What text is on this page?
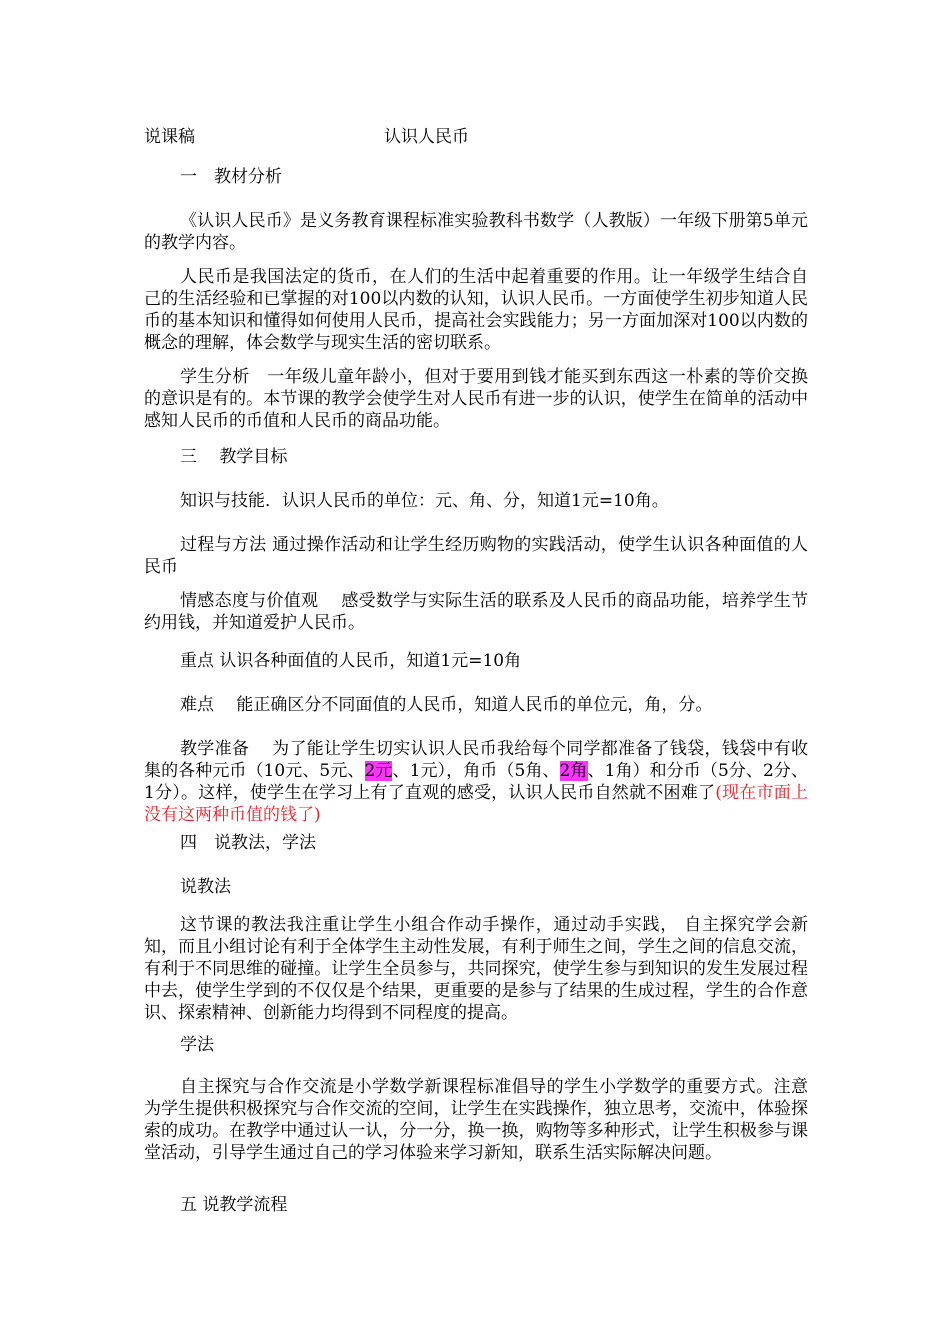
说课稿	认识人民币
一　教材分析
《认识人民币》是义务教育课程标准实验教科书数学（人教版）一年级下册第5单元的教学内容。
人民币是我国法定的货币，在人们的生活中起着重要的作用。让一年级学生结合自己的生活经验和已掌握的对100以内数的认知，认识人民币。一方面使学生初步知道人民币的基本知识和懂得如何使用人民币，提高社会实践能力；另一方面加深对100以内数的概念的理解，体会数学与现实生活的密切联系。
学生分析　一年级儿童年龄小，但对于要用到钱才能买到东西这一朴素的等价交换的意识是有的。本节课的教学会使学生对人民币有进一步的认识，使学生在简单的活动中感知人民币的币值和人民币的商品功能。
三　 教学目标
知识与技能．认识人民币的单位：元、角、分，知道1元=10角。
过程与方法 通过操作活动和让学生经历购物的实践活动，使学生认识各种面值的人民币
情感态度与价值观　 感受数学与实际生活的联系及人民币的商品功能，培养学生节约用钱，并知道爱护人民币。
重点 认识各种面值的人民币，知道1元=10角
难点　 能正确区分不同面值的人民币，知道人民币的单位元，角，分。
教学准备　 为了能让学生切实认识人民币我给每个同学都准备了钱袋，钱袋中有收集的各种元币（10元、5元、2元、1元），角币（5角、2角、1角）和分币（5分、2分、1分）。这样，使学生在学习上有了直观的感受，认识人民币自然就不困难了(现在市面上没有这两种币值的钱了)
四　说教法，学法
说教法
这节课的教法我注重让学生小组合作动手操作，通过动手实践， 自主探究学会新知，而且小组讨论有利于全体学生主动性发展，有利于师生之间，学生之间的信息交流，有利于不同思维的碰撞。让学生全员参与，共同探究，使学生参与到知识的发生发展过程中去，使学生学到的不仅仅是个结果，更重要的是参与了结果的生成过程，学生的合作意识、探索精神、创新能力均得到不同程度的提高。
学法
自主探究与合作交流是小学数学新课程标准倡导的学生小学数学的重要方式。注意为学生提供积极探究与合作交流的空间，让学生在实践操作，独立思考，交流中，体验探索的成功。在教学中通过认一认，分一分，换一换，购物等多种形式，让学生积极参与课堂活动，引导学生通过自己的学习体验来学习新知，联系生活实际解决问题。
五 说教学流程
